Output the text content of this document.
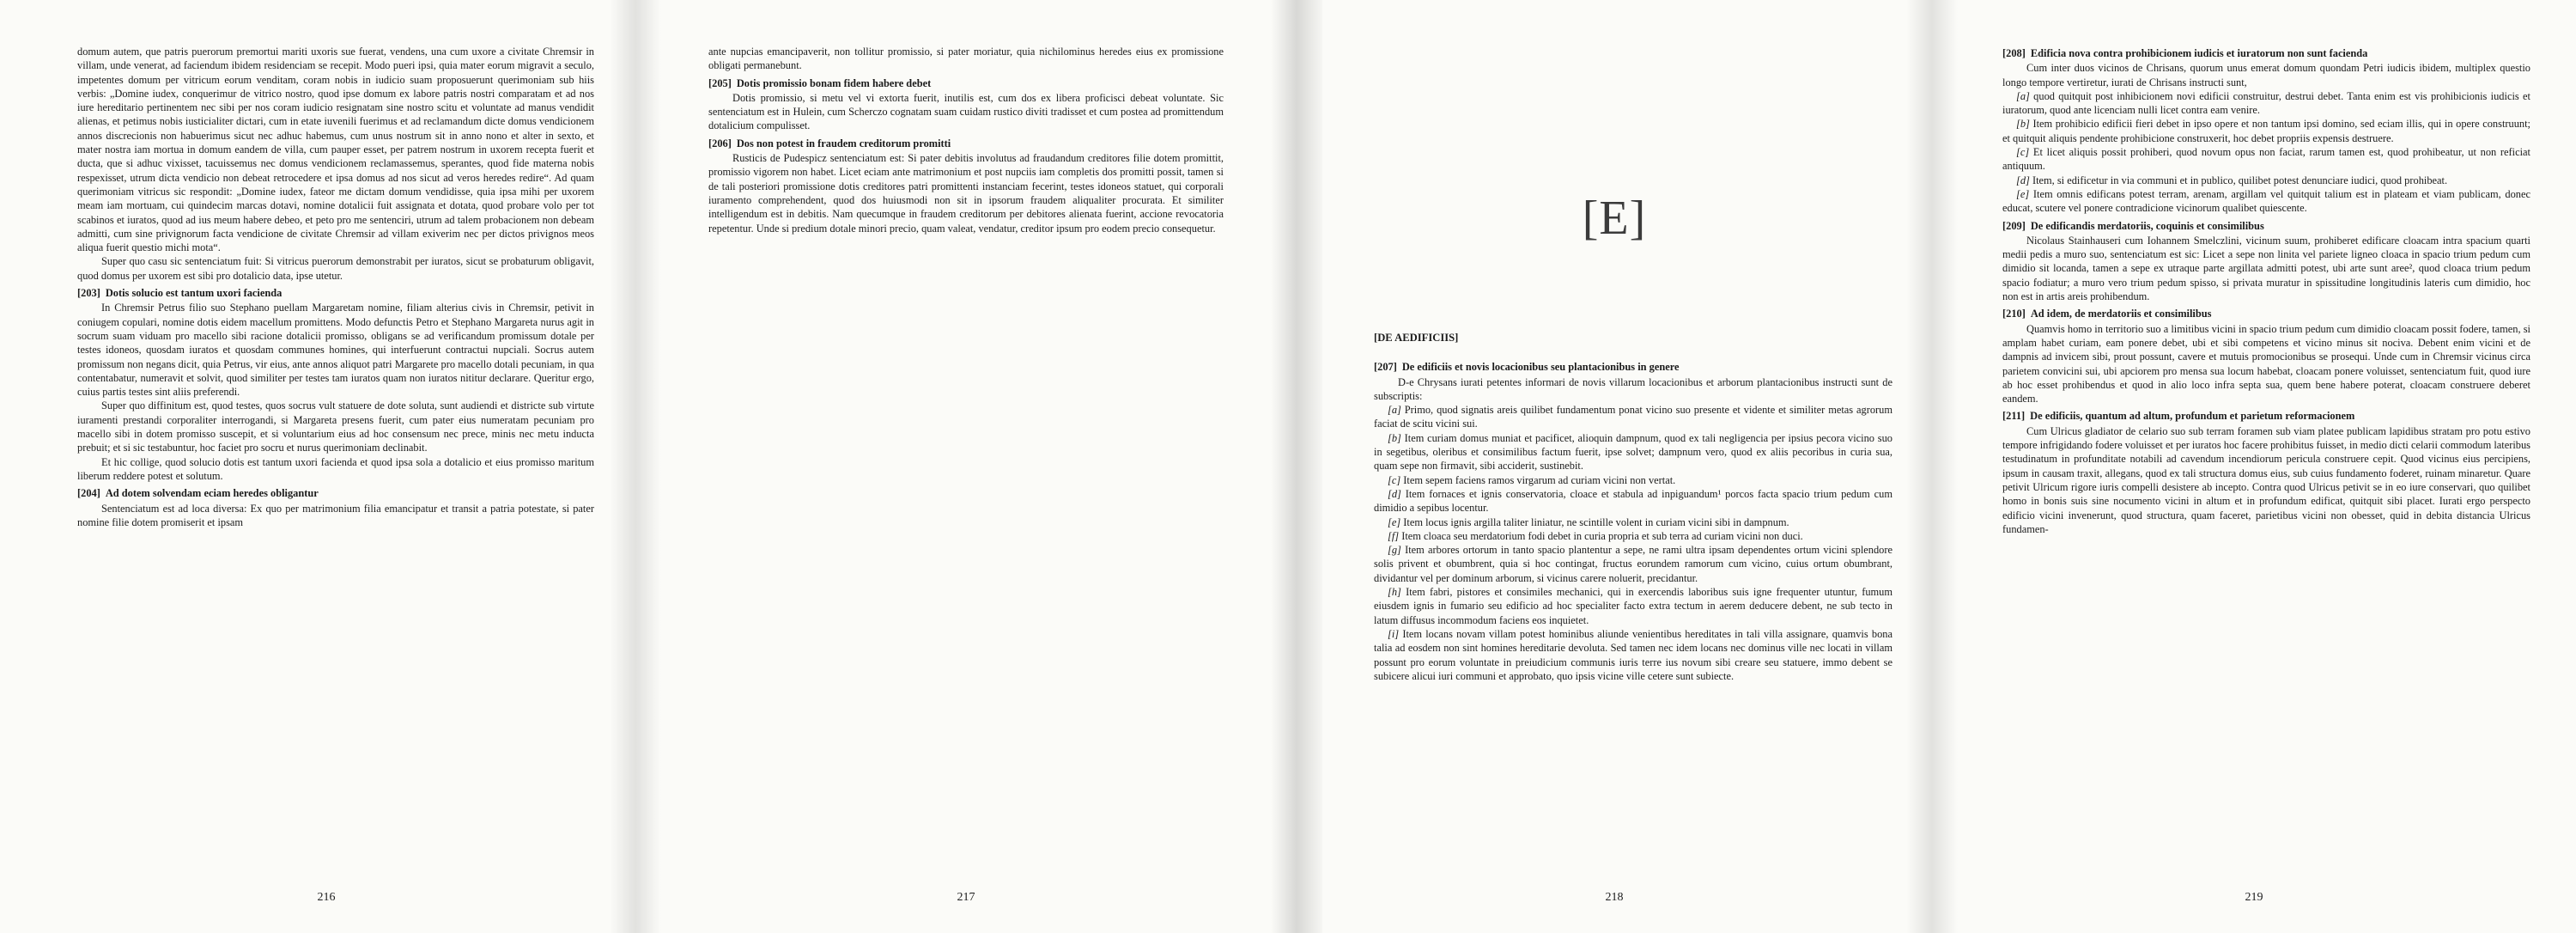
domum autem, que patris puerorum premortui mariti uxoris sue fuerat, vendens, una cum uxore a civitate Chremsir in villam, unde venerat, ad faciendum ibidem residenciam se recepit. Modo pueri ipsi, quia mater eorum migravit a seculo, impetentes domum per vitricum eorum venditam, coram nobis in iudicio suam proposuerunt querimoniam sub hiis verbis: „Domine iudex, conquerimur de vitrico nostro, quod ipse domum ex labore patris nostri comparatam et ad nos iure hereditario pertinentem nec sibi per nos coram iudicio resignatam sine nostro scitu et voluntate ad manus vendidit alienas, et petimus nobis iusticialiter dictari, cum in etate iuvenili fuerimus et ad reclamandum dicte domus vendicionem annos discrecionis non habuerimus sicut nec adhuc habemus, cum unus nostrum sit in anno nono et alter in sexto, et mater nostra iam mortua in domum eandem de villa, cum pauper esset, per patrem nostrum in uxorem recepta fuerit et ducta, que si adhuc vixisset, tacuissemus nec domus vendicionem reclamassemus, sperantes, quod fide materna nobis respexisset, utrum dicta vendicio non debeat retrocedere et ipsa domus ad nos sicut ad veros heredes redire“. Ad quam querimoniam vitricus sic respondit: „Domine iudex, fateor me dictam domum vendidisse, quia ipsa mihi per uxorem meam iam mortuam, cui quindecim marcas dotavi, nomine dotalicii fuit assignata et dotata, quod probare volo per tot scabinos et iuratos, quod ad ius meum habere debeo, et peto pro me sentenciri, utrum ad talem probacionem non debeam admitti, cum sine privignorum facta vendicione de civitate Chremsir ad villam exiverim nec per dictos privignos meos aliqua fuerit questio michi mota“.

Super quo casu sic sentenciatum fuit: Si vitricus puerorum demonstrabit per iuratos, sicut se probaturum obligavit, quod domus per uxorem est sibi pro dotalicio data, ipse utetur.

[203] Dotis solucio est tantum uxori facienda

In Chremsir Petrus filio suo Stephano puellam Margaretam nomine, filiam alterius civis in Chremsir, petivit in coniugem copulari, nomine dotis eidem macellum promittens. Modo defunctis Petro et Stephano Margareta nurus agit in socrum suam viduam pro macello sibi racione dotalicii promisso, obligans se ad verificandum promissum dotale per testes idoneos, quosdam iuratos et quosdam communes homines, qui interfuerunt contractui nupciali. Socrus autem promissum non negans dicit, quia Petrus, vir eius, ante annos aliquot patri Margarete pro macello dotali pecuniam, in qua contentabatur, numeravit et solvit, quod similiter per testes tam iuratos quam non iuratos nititur declarare. Queritur ergo, cuius partis testes sint aliis preferendi.

Super quo diffinitum est, quod testes, quos socrus vult statuere de dote soluta, sunt audiendi et districte sub virtute iuramenti prestandi corporaliter interrogandi, si Margareta presens fuerit, cum pater eius numeratam pecuniam pro macello sibi in dotem promisso suscepit, et si voluntarium eius ad hoc consensum nec prece, minis nec metu inducta prebuit; et si sic testabuntur, hoc faciet pro socru et nurus querimoniam declinabit.

Et hic collige, quod solucio dotis est tantum uxori facienda et quod ipsa sola a dotalicio et eius promisso maritum liberum reddere potest et solutum.

[204] Ad dotem solvendam eciam heredes obligantur

Sentenciatum est ad loca diversa: Ex quo per matrimonium filia emancipatur et transit a patria potestate, si pater nomine filie dotem promiserit et ipsam

216

ante nupcias emancipaverit, non tollitur promissio, si pater moriatur, quia nichilominus heredes eius ex promissione obligati permanebunt.

[205] Dotis promissio bonam fidem habere debet

Dotis promissio, si metu vel vi extorta fuerit, inutilis est, cum dos ex libera proficisci debeat voluntate. Sic sentenciatum est in Hulein, cum Scherczo cognatam suam cuidam rustico diviti tradisset et cum postea ad promittendum dotalicium compulisset.

[206] Dos non potest in fraudem creditorum promitti

Rusticis de Pudespicz sentenciatum est: Si pater debitis involutus ad fraudandum creditores filie dotem promittit, promissio vigorem non habet. Licet eciam ante matrimonium et post nupciis iam completis dos promitti possit, tamen si de tali posteriori promissione dotis creditores patri promittenti instanciam fecerint, testes idoneos statuet, qui corporali iuramento comprehendent, quod dos huiusmodi non sit in ipsorum fraudem aliqualiter procurata. Et similiter intelligendum est in debitis. Nam quecumque in fraudem creditorum per debitores alienata fuerint, accione revocatoria repetentur. Unde si predium dotale minori precio, quam valeat, vendatur, creditor ipsum pro eodem precio consequetur.

217
[DE AEDIFICIIS]
[207] De edificiis et novis locacionibus seu plantacionibus in genere

D-e Chrysans iurati petentes informari de novis villarum locacionibus et arborum plantacionibus instructi sunt de subscriptis:

[a] Primo, quod signatis areis quilibet fundamentum ponat vicino suo presente et vidente et similiter metas agrorum faciat de scitu vicini sui.

[b] Item curiam domus muniat et pacificet, alioquin dampnum, quod ex tali negligencia per ipsius pecora vicino suo in segetibus, oleribus et consimilibus factum fuerit, ipse solvet; dampnum vero, quod ex aliis pecoribus in curia sua, quam sepe non firmavit, sibi acciderit, sustinebit.

[c] Item sepem faciens ramos virgarum ad curiam vicini non vertat.

[d] Item fornaces et ignis conservatoria, cloace et stabula ad inpiguandum¹ porcos facta spacio trium pedum cum dimidio a sepibus locentur.

[e] Item locus ignis argilla taliter liniatur, ne scintille volent in curiam vicini sibi in dampnum.

[f] Item cloaca seu merdatorium fodi debet in curia propria et sub terra ad curiam vicini non duci.

[g] Item arbores ortorum in tanto spacio plantentur a sepe, ne rami ultra ipsam dependentes ortum vicini splendore solis privent et obumbrent, quia si hoc contingat, fructus eorundem ramorum cum vicino, cuius ortum obumbrant, dividantur vel per dominum arborum, si vicinus carere noluerit, precidantur.

[h] Item fabri, pistores et consimiles mechanici, qui in exercendis laboribus suis igne frequenter utuntur, fumum eiusdem ignis in fumario seu edificio ad hoc specialiter facto extra tectum in aerem deducere debent, ne sub tecto in latum diffusus incommodum faciens eos inquietet.

[i] Item locans novam villam potest hominibus aliunde venientibus hereditates in tali villa assignare, quamvis bona talia ad eosdem non sint homines hereditarie devoluta. Sed tamen nec idem locans nec dominus ville nec locati in villam possunt pro eorum voluntate in preiudicium communis iuris terre ius novum sibi creare seu statuere, immo debent se subicere alicui iuri communi et approbato, quo ipsis vicine ville cetere sunt subiecte.

218
[208] Edificia nova contra prohibicionem iudicis et iuratorum non sunt facienda

Cum inter duos vicinos de Chrisans, quorum unus emerat domum quondam Petri iudicis ibidem, multiplex questio longo tempore vertiretur, iurati de Chrisans instructi sunt,

[a] quod quitquit post inhibicionem novi edificii construitur, destrui debet. Tanta enim est vis prohibicionis iudicis et iuratorum, quod ante licenciam nulli licet contra eam venire.

[b] Item prohibicio edificii fieri debet in ipso opere et non tantum ipsi domino, sed eciam illis, qui in opere construunt; et quitquit aliquis pendente prohibicione construxerit, hoc debet propriis expensis destruere.

[c] Et licet aliquis possit prohiberi, quod novum opus non faciat, rarum tamen est, quod prohibeatur, ut non reficiat antiquum.

[d] Item, si edificetur in via communi et in publico, quilibet potest denunciare iudici, quod prohibeat.

[e] Item omnis edificans potest terram, arenam, argillam vel quitquit talium est in plateam et viam publicam, donec educat, scutere vel ponere contradicione vicinorum qualibet quiescente.

[209] De edificandis merdatoriis, coquinis et consimilibus

Nicolaus Stainhauseri cum Iohannem Smelczlini, vicinum suum, prohiberet edificare cloacam intra spacium quarti medii pedis a muro suo, sentenciatum est sic: Licet a sepe non linita vel pariete ligneo cloaca in spacio trium pedum cum dimidio sit locanda, tamen a sepe ex utraque parte argillata admitti potest, ubi arte sunt aree², quod cloaca trium pedum spacio fodiatur; a muro vero trium pedum spisso, si privata muratur in spissitudine longitudinis lateris cum dimidio, hoc non est in artis areis prohibendum.

[210] Ad idem, de merdatoriis et consimilibus

Quamvis homo in territorio suo a limitibus vicini in spacio trium pedum cum dimidio cloacam possit fodere, tamen, si amplam habet curiam, eam ponere debet, ubi et sibi competens et vicino minus sit nociva. Debent enim vicini et de dampnis ad invicem sibi, prout possunt, cavere et mutuis promocionibus se prosequi. Unde cum in Chremsir vicinus circa parietem convicini sui, ubi apciorem pro mensa sua locum habebat, cloacam ponere voluisset, sentenciatum fuit, quod iure ab hoc esset prohibendus et quod in alio loco infra septa sua, quem bene habere poterat, cloacam construere deberet eandem.

[211] De edificiis, quantum ad altum, profundum et parietum reformacionem

Cum Ulricus gladiator de celario suo sub terram foramen sub viam platee publicam lapidibus stratam pro potu estivo tempore infrigidando fodere voluisset et per iuratos hoc facere prohibitus fuisset, in medio dicti celarii commodum lateribus testudinatum in profunditate notabili ad cavendum incendiorum pericula construere cepit. Quod vicinus eius percipiens, ipsum in causam traxit, allegans, quod ex tali structura domus eius, sub cuius fundamento foderet, ruinam minaretur. Quare petivit Ulricum rigore iuris compelli desistere ab incepto. Contra quod Ulricus petivit se in eo iure conservari, quo quilibet homo in bonis suis sine nocumento vicini in altum et in profundum edificat, quitquit sibi placet. Iurati ergo perspecto edificio vicini invenerunt, quod structura, quam faceret, parietibus vicini non obesset, quid in debita distancia Ulricus fundamen-

219
[E]
